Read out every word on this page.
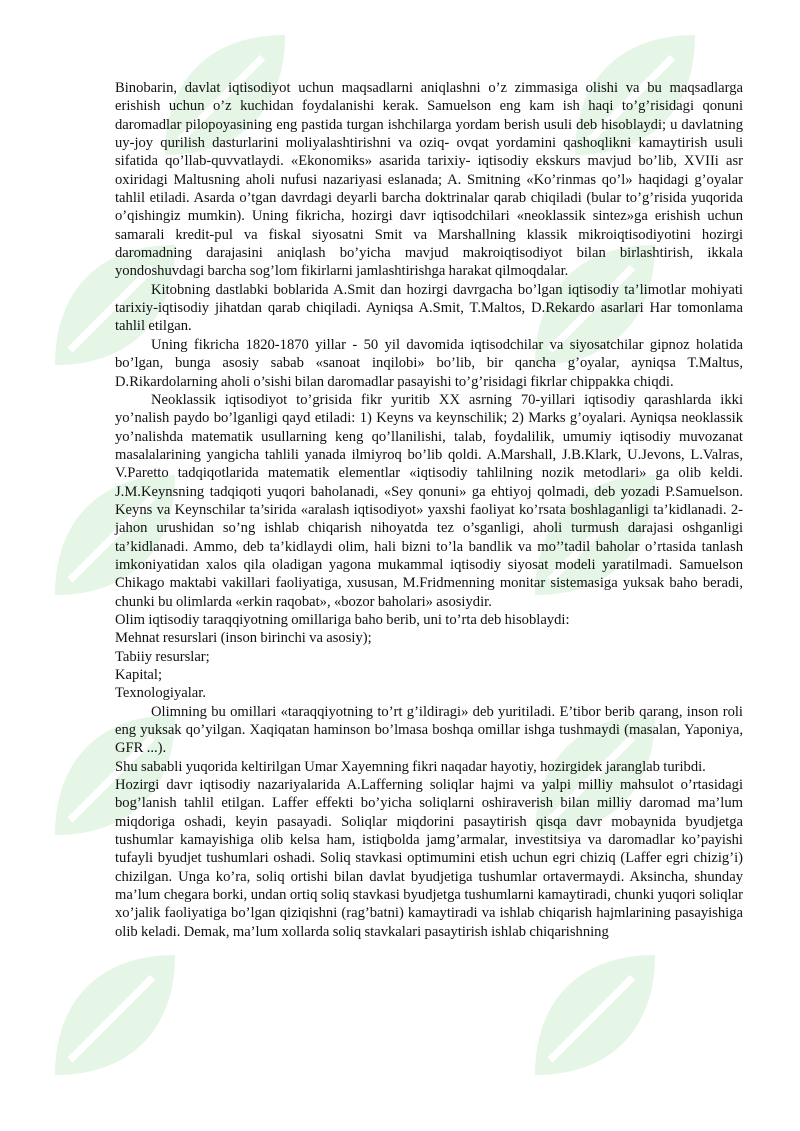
Binobarin, davlat iqtisodiyot uchun maqsadlarni aniqlashni o’z zimmasiga olishi va bu maqsadlarga erishish uchun o’z kuchidan foydalanishi kerak. Samuelson eng kam ish haqi to’g’risidagi qonuni daromadlar pilopoyasining eng pastida turgan ishchilarga yordam berish usuli deb hisoblaydi; u davlatning uy-joy qurilish dasturlarini moliyalashtirishni va oziq- ovqat yordamini qashoqlikni kamaytirish usuli sifatida qo’llab-quvvatlaydi. «Ekonomiks» asarida tarixiy- iqtisodiy ekskurs mavjud bo’lib, XVIIi asr oxiridagi Maltusning aholi nufusi nazariyasi eslanada; A. Smitning «Ko’rinmas qo’l» haqidagi g’oyalar tahlil etiladi. Asarda o’tgan davrdagi deyarli barcha doktrinalar qarab chiqiladi (bular to’g’risida yuqorida o’qishingiz mumkin). Uning fikricha, hozirgi davr iqtisodchilari «neoklassik sintez»ga erishish uchun samarali kredit-pul va fiskal siyosatni Smit va Marshallning klassik mikroiqtisodiyotini hozirgi daromadning darajasini aniqlash bo’yicha mavjud makroiqtisodiyot bilan birlashtirish, ikkala yondoshuvdagi barcha sog’lom fikirlarni jamlashtirishga harakat qilmoqdalar.

Kitobning dastlabki boblarida A.Smit dan hozirgi davrgacha bo’lgan iqtisodiy ta’limotlar mohiyati tarixiy-iqtisodiy jihatdan qarab chiqiladi. Ayniqsa A.Smit, T.Maltos, D.Rekardo asarlari Har tomonlama tahlil etilgan.

Uning fikricha 1820-1870 yillar - 50 yil davomida iqtisodchilar va siyosatchilar gipnoz holatida bo’lgan, bunga asosiy sabab «sanoat inqilobi» bo’lib, bir qancha g’oyalar, ayniqsa T.Maltus, D.Rikardolarning aholi o’sishi bilan daromadlar pasayishi to’g’risidagi fikrlar chippakka chiqdi.

Neoklassik iqtisodiyot to’grisida fikr yuritib XX asrning 70-yillari iqtisodiy qarashlarda ikki yo’nalish paydo bo’lganligi qayd etiladi: 1) Keyns va keynschilik; 2) Marks g’oyalari. Ayniqsa neoklassik yo’nalishda matematik usullarning keng qo’llanilishi, talab, foydalilik, umumiy iqtisodiy muvozanat masalalarining yangicha tahlili yanada ilmiyroq bo’lib qoldi. A.Marshall, J.B.Klark, U.Jevons, L.Valras, V.Paretto tadqiqotlarida matematik elementlar «iqtisodiy tahlilning nozik metodlari» ga olib keldi. J.M.Keynsning tadqiqoti yuqori baholanadi, «Sey qonuni» ga ehtiyoj qolmadi, deb yozadi P.Samuelson. Keyns va Keynschilar ta’sirida «aralash iqtisodiyot» yaxshi faoliyat ko’rsata boshlaganligi ta’kidlanadi. 2-jahon urushidan so’ng ishlab chiqarish nihoyatda tez o’sganligi, aholi turmush darajasi oshganligi ta’kidlanadi. Ammo, deb ta’kidlaydi olim, hali bizni to’la bandlik va mo’’tadil baholar o’rtasida tanlash imkoniyatidan xalos qila oladigan yagona mukammal iqtisodiy siyosat modeli yaratilmadi. Samuelson Chikago maktabi vakillari faoliyatiga, xususan, M.Fridmenning monitar sistemasiga yuksak baho beradi, chunki bu olimlarda «erkin raqobat», «bozor baholari» asosiydir.

Olim iqtisodiy taraqqiyotning omillariga baho berib, uni to’rta deb hisoblaydi:

Mehnat resurslari (inson birinchi va asosiy);

Tabiiy resurslar;

Kapital;

Texnologiyalar.

Olimning bu omillari «taraqqiyotning to’rt g’ildiragi» deb yuritiladi. E’tibor berib qarang, inson roli eng yuksak qo’yilgan. Xaqiqatan haminson bo’lmasa boshqa omillar ishga tushmaydi (masalan, Yaponiya, GFR ...).

Shu sababli yuqorida keltirilgan Umar Xayemning fikri naqadar hayotiy, hozirgidek jaranglab turibdi.

Hozirgi davr iqtisodiy nazariyalarida A.Lafferning soliqlar hajmi va yalpi milliy mahsulot o’rtasidagi bog’lanish tahlil etilgan. Laffer effekti bo’yicha soliqlarni oshiraverish bilan milliy daromad ma’lum miqdoriga oshadi, keyin pasayadi. Soliqlar miqdorini pasaytirish qisqa davr mobaynida byudjetga tushumlar kamayishiga olib kelsa ham, istiqbolda jamg’armalar, investitsiya va daromadlar ko’payishi tufayli byudjet tushumlari oshadi. Soliq stavkasi optimumini etish uchun egri chiziq (Laffer egri chizig’i) chizilgan. Unga ko’ra, soliq ortishi bilan davlat byudjetiga tushumlar ortavermaydi. Aksincha, shunday ma’lum chegara borki, undan ortiq soliq stavkasi byudjetga tushumlarni kamaytiradi, chunki yuqori soliqlar xo’jalik faoliyatiga bo’lgan qiziqishni (rag’batni) kamaytiradi va ishlab chiqarish hajmlarining pasayishiga olib keladi. Demak, ma’lum xollarda soliq stavkalari pasaytirish ishlab chiqarishning
